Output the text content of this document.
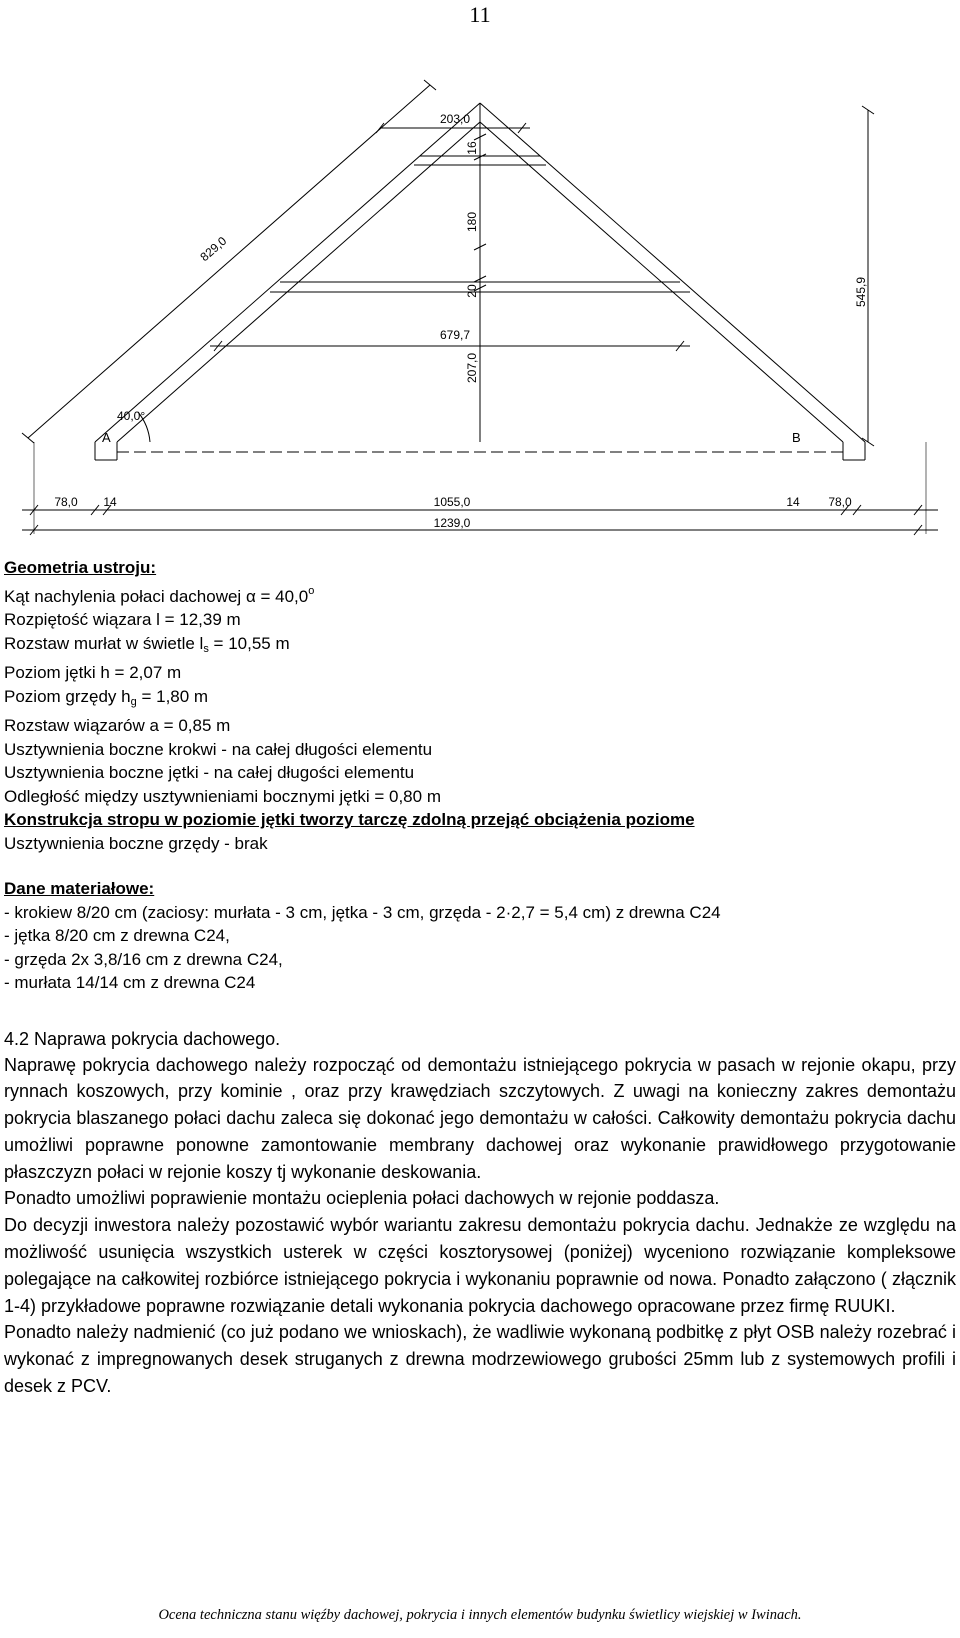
11
203,0
16
180
20
679,7
207,0
829,0
545,9
40,0°
A	B
78,0 14	1055,0	14 78,0
1239,0
Geometria ustroju:
Kąt nachylenia połaci dachowej $\alpha = 40,0^o$
Rozpiętość wiązara l = 12,39 m
Rozstaw murłat w świetle $l_s = 10,55$ m
Poziom jętki h = 2,07 m
Poziom grzędy $h_g = 1,80$ m
Rozstaw wiązarów a = 0,85 m
Usztywnienia boczne krokwi - na całej długości elementu
Usztywnienia boczne jętki - na całej długości elementu
Odległość między usztywnieniami bocznymi jętki = 0,80 m
Konstrukcja stropu w poziomie jętki tworzy tarczę zdolną przejąć obciążenia poziome
Usztywnienia boczne grzędy - brak
Dane materiałowe:
- krokiew 8/20 cm (zaciosy: murłata - 3 cm, jętka - 3 cm, grzęda - 2·2,7 = 5,4 cm) z drewna C24
- jętka 8/20 cm z drewna C24,
- grzęda 2x 3,8/16 cm z drewna C24,
- murłata 14/14 cm z drewna C24
4.2 Naprawa pokrycia dachowego.

Naprawę pokrycia dachowego należy rozpocząć od demontażu istniejącego pokrycia w pasach w rejonie okapu, przy rynnach koszowych, przy kominie , oraz przy krawędziach szczytowych. Z uwagi na konieczny zakres demontażu pokrycia blaszanego połaci dachu zaleca się dokonać jego demontażu w całości. Całkowity demontażu pokrycia dachu umożliwi poprawne ponowne zamontowanie membrany dachowej oraz wykonanie prawidłowego przygotowanie płaszczyzn połaci w rejonie koszy tj wykonanie deskowania.

Ponadto umożliwi poprawienie montażu ocieplenia połaci dachowych w rejonie poddasza.

Do decyzji inwestora należy pozostawić wybór wariantu zakresu demontażu pokrycia dachu. Jednakże ze względu na możliwość usunięcia wszystkich usterek w części kosztorysowej (poniżej) wyceniono rozwiązanie kompleksowe polegające na całkowitej rozbiórce istniejącego pokrycia i wykonaniu poprawnie od nowa. Ponadto załączono ( złącznik 1-4) przykładowe poprawne rozwiązanie detali wykonania pokrycia dachowego opracowane przez firmę RUUKI.

Ponadto należy nadmienić (co już podano we wnioskach), że wadliwie wykonaną podbitkę z płyt OSB należy rozebrać i wykonać z impregnowanych desek struganych z drewna modrzewiowego grubości 25mm lub z systemowych profili i desek z PCV.

Ocena techniczna stanu więźby dachowej, pokrycia i innych elementów budynku świetlicy wiejskiej w Iwinach.
